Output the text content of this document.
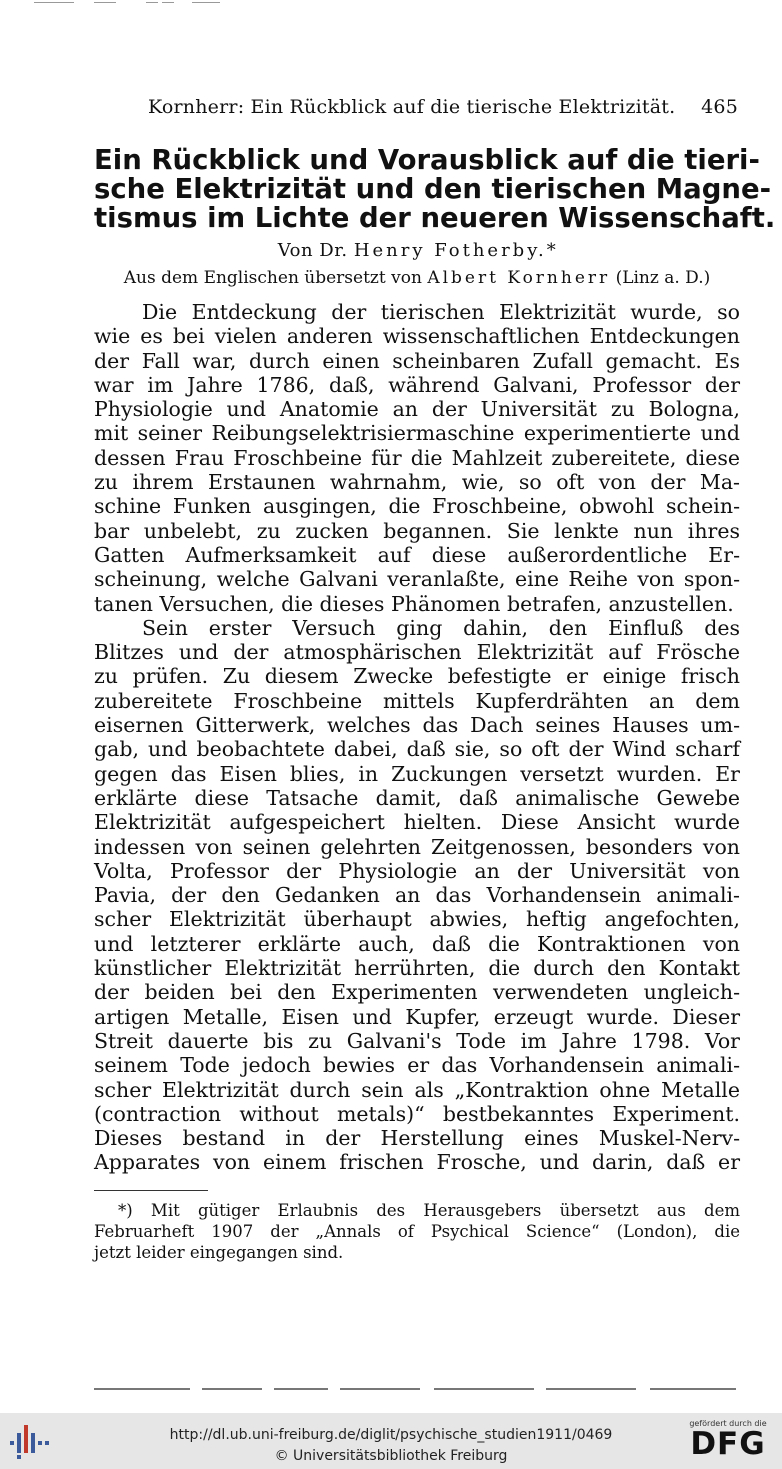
Kornherr: Ein Rückblick auf die tierische Elektrizität. 465
Ein Rückblick und Vorausblick auf die tieri-
sche Elektrizität und den tierischen Magne-
tismus im Lichte der neueren Wissenschaft.
Von Dr. Henry Fotherby.*
Aus dem Englischen übersetzt von Albert Kornherr (Linz a. D.)
Die Entdeckung der tierischen Elektrizität wurde, so
wie es bei vielen anderen wissenschaftlichen Entdeckungen
der Fall war, durch einen scheinbaren Zufall gemacht. Es
war im Jahre 1786, daß, während Galvani, Professor der
Physiologie und Anatomie an der Universität zu Bologna,
mit seiner Reibungselektrisiermaschine experimentierte und
dessen Frau Froschbeine für die Mahlzeit zubereitete, diese
zu ihrem Erstaunen wahrnahm, wie, so oft von der Ma-
schine Funken ausgingen, die Froschbeine, obwohl schein-
bar unbelebt, zu zucken begannen. Sie lenkte nun ihres
Gatten Aufmerksamkeit auf diese außerordentliche Er-
scheinung, welche Galvani veranlaßte, eine Reihe von spon-
tanen Versuchen, die dieses Phänomen betrafen, anzustellen.
Sein erster Versuch ging dahin, den Einfluß des
Blitzes und der atmosphärischen Elektrizität auf Frösche
zu prüfen. Zu diesem Zwecke befestigte er einige frisch
zubereitete Froschbeine mittels Kupferdrähten an dem
eisernen Gitterwerk, welches das Dach seines Hauses um-
gab, und beobachtete dabei, daß sie, so oft der Wind scharf
gegen das Eisen blies, in Zuckungen versetzt wurden. Er
erklärte diese Tatsache damit, daß animalische Gewebe
Elektrizität aufgespeichert hielten. Diese Ansicht wurde
indessen von seinen gelehrten Zeitgenossen, besonders von
Volta, Professor der Physiologie an der Universität von
Pavia, der den Gedanken an das Vorhandensein animali-
scher Elektrizität überhaupt abwies, heftig angefochten,
und letzterer erklärte auch, daß die Kontraktionen von
künstlicher Elektrizität herrührten, die durch den Kontakt
der beiden bei den Experimenten verwendeten ungleich-
artigen Metalle, Eisen und Kupfer, erzeugt wurde. Dieser
Streit dauerte bis zu Galvani's Tode im Jahre 1798. Vor
seinem Tode jedoch bewies er das Vorhandensein animali-
scher Elektrizität durch sein als „Kontraktion ohne Metalle
(contraction without metals)“ bestbekanntes Experiment.
Dieses bestand in der Herstellung eines Muskel-Nerv-
Apparates von einem frischen Frosche, und darin, daß er
*) Mit gütiger Erlaubnis des Herausgebers übersetzt aus dem
Februarheft 1907 der „Annals of Psychical Science“ (London), die
jetzt leider eingegangen sind.
http://dl.ub.uni-freiburg.de/diglit/psychische_studien1911/0469
© Universitätsbibliothek Freiburg
gefördert durch die
DFG
